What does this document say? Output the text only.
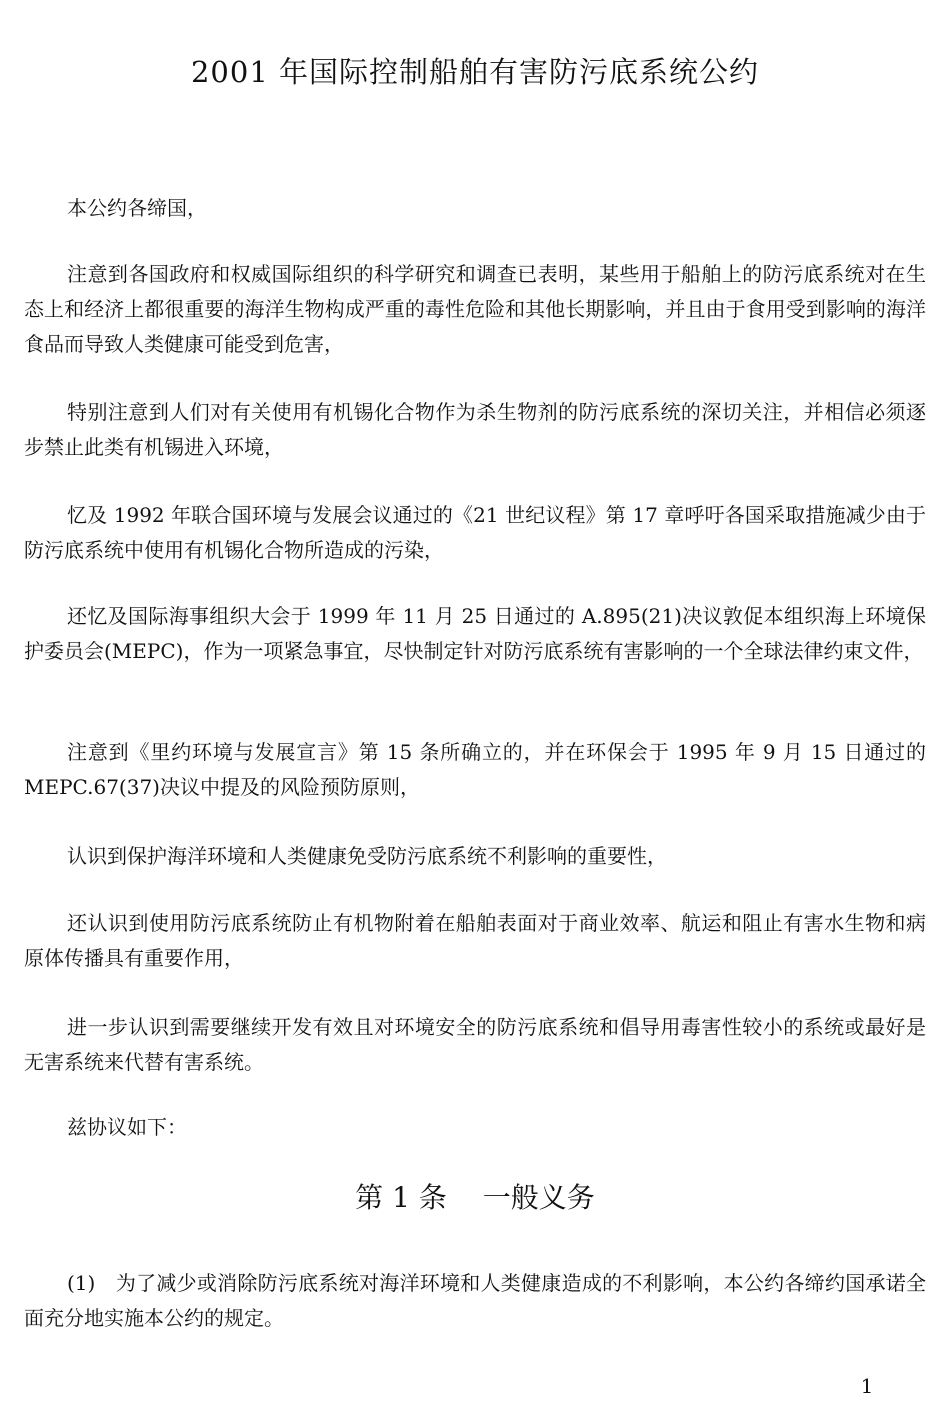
2001 年国际控制船舶有害防污底系统公约

本公约各缔国，

注意到各国政府和权威国际组织的科学研究和调查已表明，某些用于船舶上的防污底系统对在生态上和经济上都很重要的海洋生物构成严重的毒性危险和其他长期影响，并且由于食用受到影响的海洋食品而导致人类健康可能受到危害，

特别注意到人们对有关使用有机锡化合物作为杀生物剂的防污底系统的深切关注，并相信必须逐步禁止此类有机锡进入环境，

忆及 1992 年联合国环境与发展会议通过的《21 世纪议程》第 17 章呼吁各国采取措施减少由于防污底系统中使用有机锡化合物所造成的污染，

还忆及国际海事组织大会于 1999 年 11 月 25 日通过的 A.895(21)决议敦促本组织海上环境保护委员会(MEPC)，作为一项紧急事宜，尽快制定针对防污底系统有害影响的一个全球法律约束文件，

注意到《里约环境与发展宣言》第 15 条所确立的，并在环保会于 1995 年 9 月 15 日通过的 MEPC.67(37)决议中提及的风险预防原则，

认识到保护海洋环境和人类健康免受防污底系统不利影响的重要性，

还认识到使用防污底系统防止有机物附着在船舶表面对于商业效率、航运和阻止有害水生物和病原体传播具有重要作用，

进一步认识到需要继续开发有效且对环境安全的防污底系统和倡导用毒害性较小的系统或最好是无害系统来代替有害系统。

兹协议如下：

第 1 条 一般义务

(1)　为了减少或消除防污底系统对海洋环境和人类健康造成的不利影响，本公约各缔约国承诺全面充分地实施本公约的规定。

1
